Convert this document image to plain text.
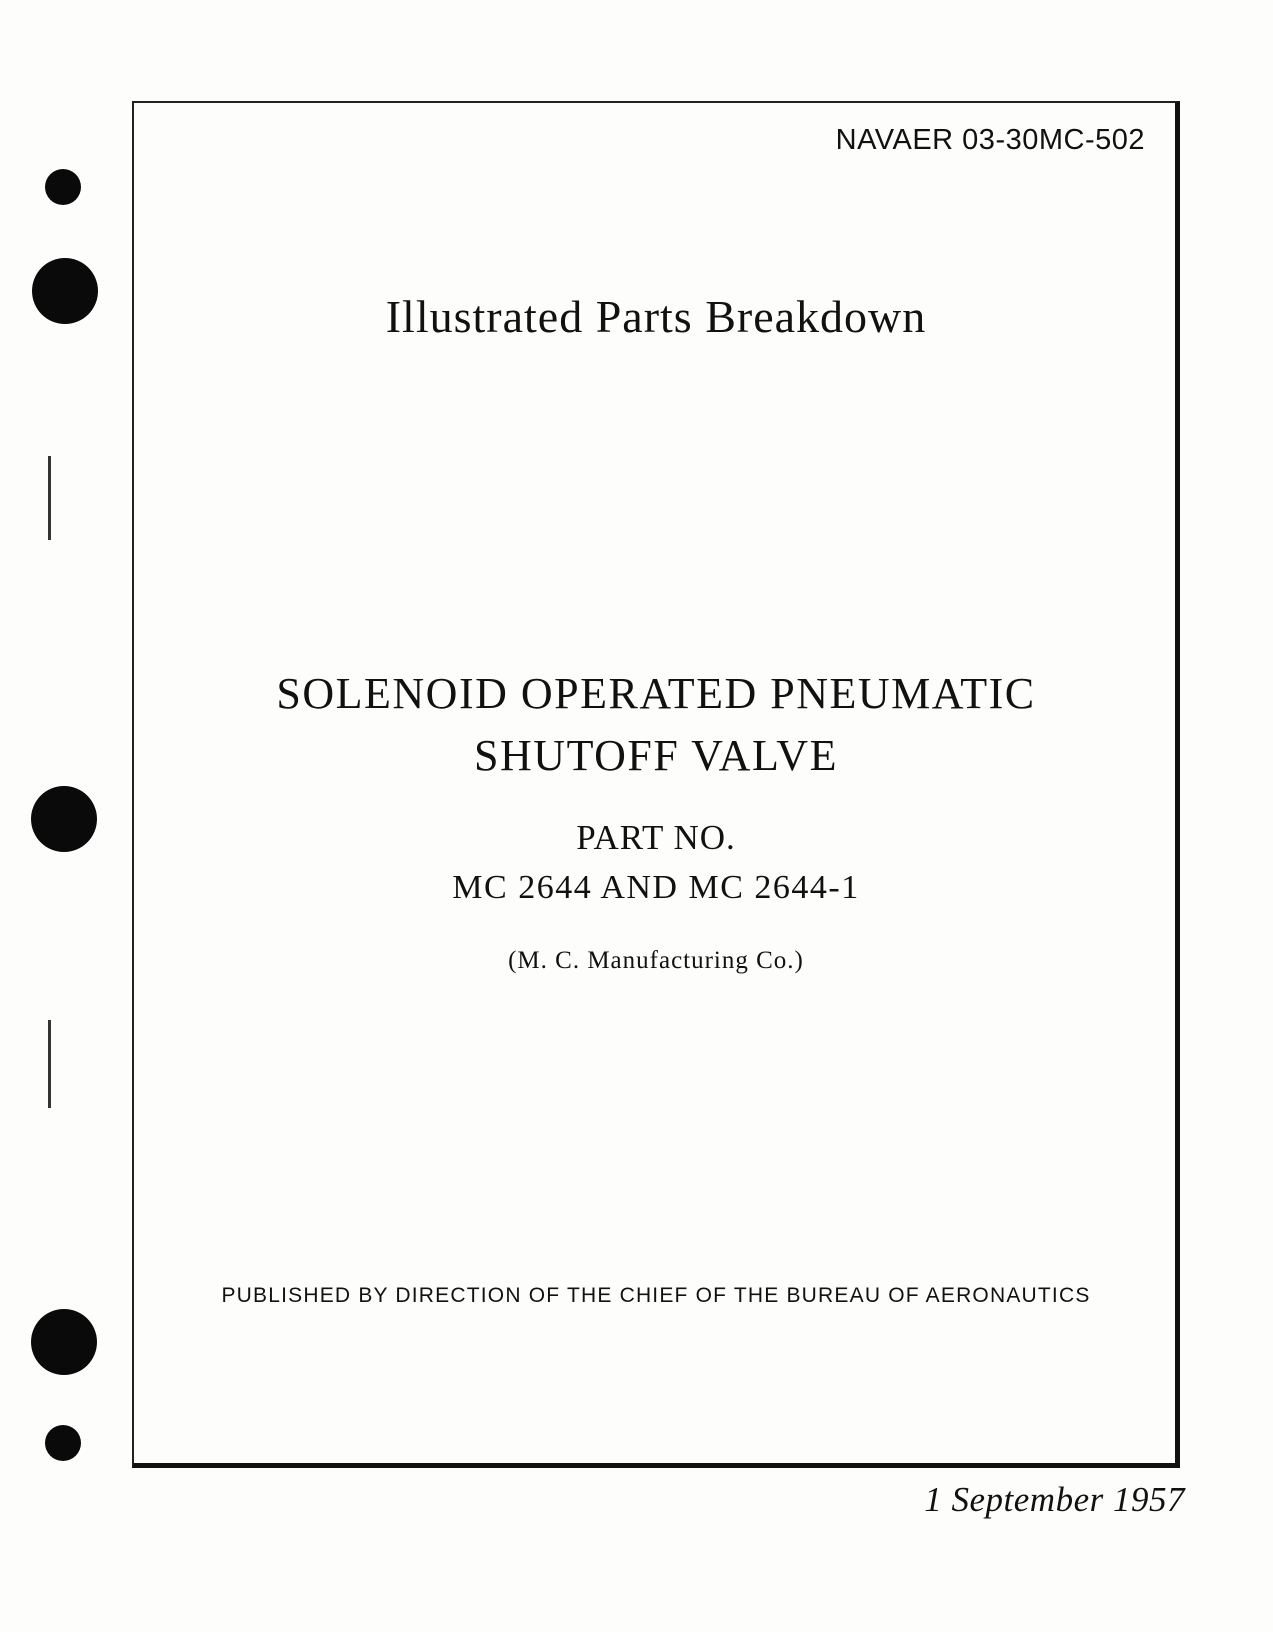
NAVAER 03-30MC-502
Illustrated Parts Breakdown
SOLENOID OPERATED PNEUMATIC
SHUTOFF VALVE
PART NO.
MC 2644 AND MC 2644-1
(M. C. Manufacturing Co.)
PUBLISHED BY DIRECTION OF THE CHIEF OF THE BUREAU OF AERONAUTICS
1 September 1957
